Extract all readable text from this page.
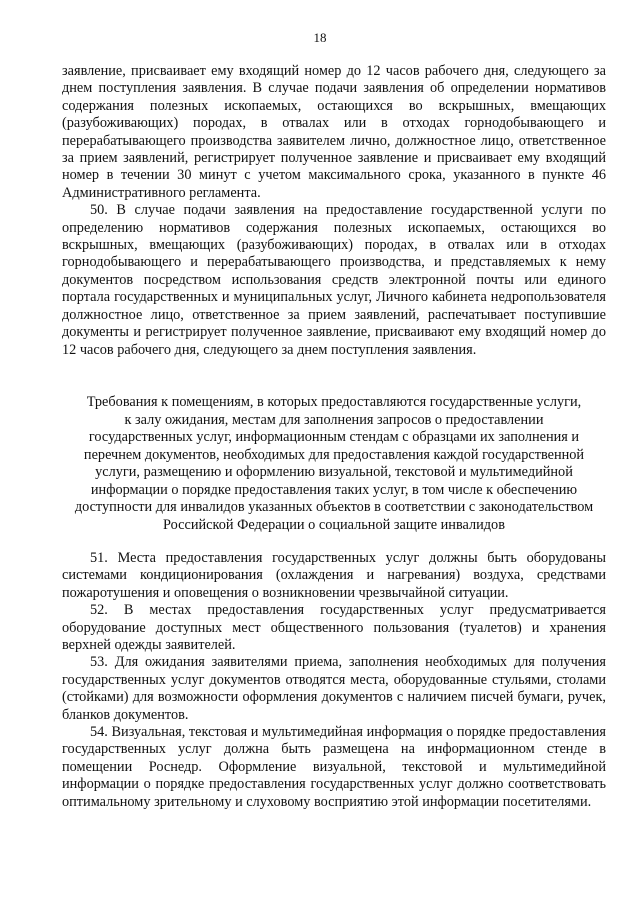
18

заявление, присваивает ему входящий номер до 12 часов рабочего дня, следующего за днем поступления заявления. В случае подачи заявления об определении нормативов содержания полезных ископаемых, остающихся во вскрышных, вмещающих (разубоживающих) породах, в отвалах или в отходах горнодобывающего и перерабатывающего производства заявителем лично, должностное лицо, ответственное за прием заявлений, регистрирует полученное заявление и присваивает ему входящий номер в течении 30 минут с учетом максимального срока, указанного в пункте 46 Административного регламента.

50. В случае подачи заявления на предоставление государственной услуги по определению нормативов содержания полезных ископаемых, остающихся во вскрышных, вмещающих (разубоживающих) породах, в отвалах или в отходах горнодобывающего и перерабатывающего производства, и представляемых к нему документов посредством использования средств электронной почты или единого портала государственных и муниципальных услуг, Личного кабинета недропользователя должностное лицо, ответственное за прием заявлений, распечатывает поступившие документы и регистрирует полученное заявление, присваивают ему входящий номер до 12 часов рабочего дня, следующего за днем поступления заявления.

Требования к помещениям, в которых предоставляются государственные услуги,

к залу ожидания, местам для заполнения запросов о предоставлении

государственных услуг, информационным стендам с образцами их заполнения и

перечнем документов, необходимых для предоставления каждой государственной

услуги, размещению и оформлению визуальной, текстовой и мультимедийной

информации о порядке предоставления таких услуг, в том числе к обеспечению

доступности для инвалидов указанных объектов в соответствии с законодательством

Российской Федерации о социальной защите инвалидов

51. Места предоставления государственных услуг должны быть оборудованы системами кондиционирования (охлаждения и нагревания) воздуха, средствами пожаротушения и оповещения о возникновении чрезвычайной ситуации.

52. В местах предоставления государственных услуг предусматривается оборудование доступных мест общественного пользования (туалетов) и хранения верхней одежды заявителей.

53. Для ожидания заявителями приема, заполнения необходимых для получения государственных услуг документов отводятся места, оборудованные стульями, столами (стойками) для возможности оформления документов с наличием писчей бумаги, ручек, бланков документов.

54. Визуальная, текстовая и мультимедийная информация о порядке предоставления государственных услуг должна быть размещена на информационном стенде в помещении Роснедр. Оформление визуальной, текстовой и мультимедийной информации о порядке предоставления государственных услуг должно соответствовать оптимальному зрительному и слуховому восприятию этой информации посетителями.
